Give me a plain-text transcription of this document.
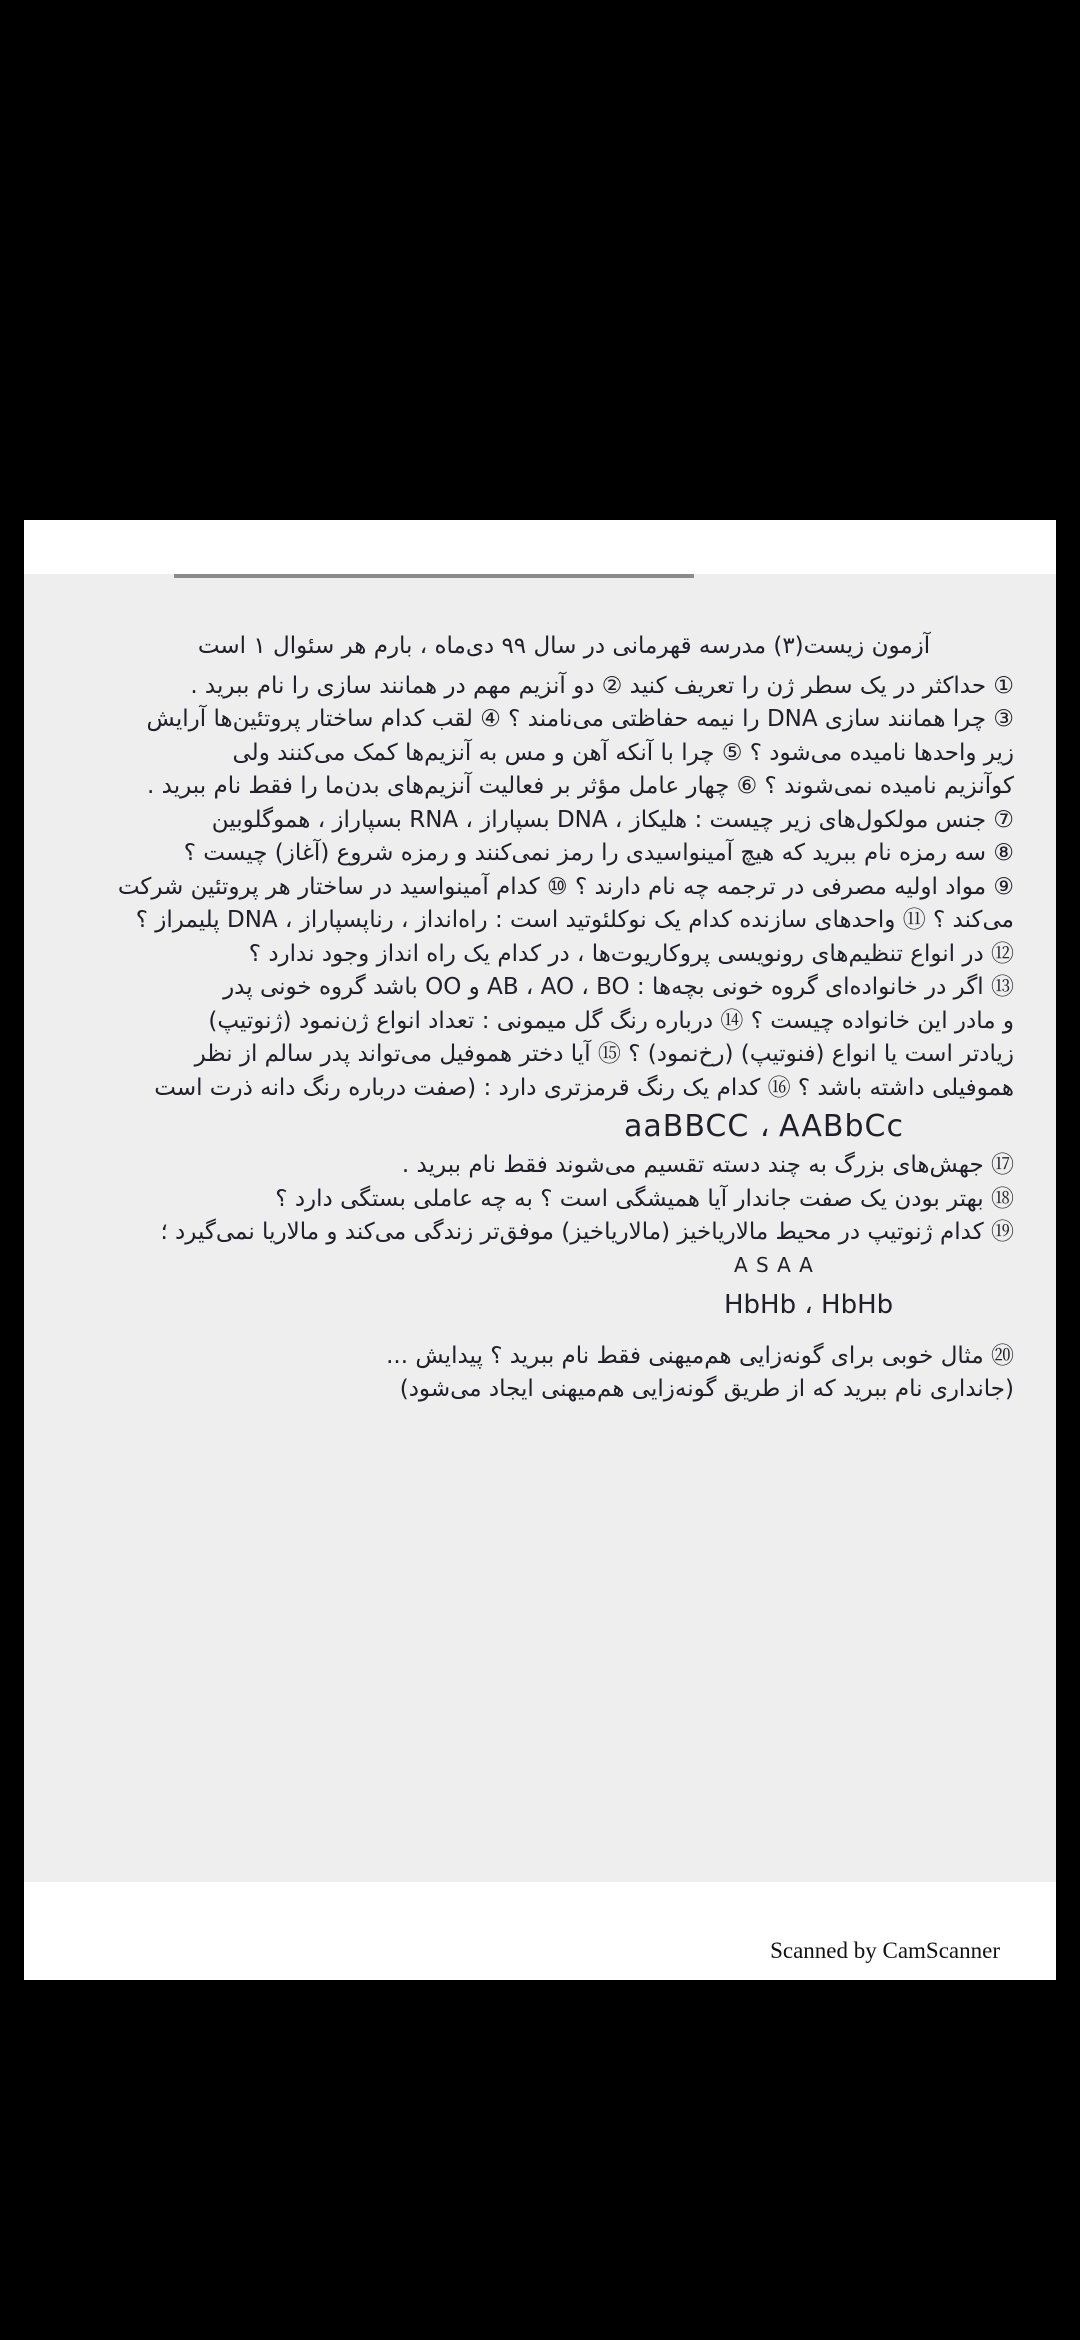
آزمون زیست(۳) مدرسه قهرمانی در سال ۹۹ دی‌ماه ، بارم هر سئوال ۱ است

① حداکثر در یک سطر ژن را تعریف کنید ② دو آنزیم مهم در همانند سازی را نام ببرید .

③ چرا همانند سازی DNA را نیمه حفاظتی می‌نامند ؟ ④ لقب کدام ساختار پروتئین‌ها آرایش

زیر واحدها نامیده می‌شود ؟ ⑤ چرا با آنکه آهن و مس به آنزیم‌ها کمک می‌کنند ولی

کوآنزیم نامیده نمی‌شوند ؟ ⑥ چهار عامل مؤثر بر فعالیت آنزیم‌های بدن‌ما را فقط نام ببرید .

⑦ جنس مولکول‌های زیر چیست : هلیکاز ، DNA بسپاراز ، RNA بسپاراز ، هموگلوبین

⑧ سه رمزه نام ببرید که هیچ آمینواسیدی را رمز نمی‌کنند و رمزه شروع (آغاز) چیست ؟

⑨ مواد اولیه مصرفی در ترجمه چه نام دارند ؟ ⑩ کدام آمینواسید در ساختار هر پروتئین شرکت

می‌کند ؟ ⑪ واحدهای سازنده کدام یک نوکلئوتید است : راه‌انداز ، رناپسپاراز ، DNA پلیمراز ؟

⑫ در انواع تنظیم‌های رونویسی پروکاریوت‌ها ، در کدام یک راه انداز وجود ندارد ؟

⑬ اگر در خانواده‌ای گروه خونی بچه‌ها : AB ، AO ، BO و OO باشد گروه خونی پدر

و مادر این خانواده چیست ؟ ⑭ درباره رنگ گل میمونی : تعداد انواع ژن‌نمود (ژنوتیپ)

زیادتر است یا انواع (فنوتیپ) (رخ‌نمود) ؟ ⑮ آیا دختر هموفیل می‌تواند پدر سالم از نظر

هموفیلی داشته باشد ؟ ⑯ کدام یک رنگ قرمزتری دارد : (صفت درباره رنگ دانه ذرت است

aaBBCC ، AABbCc

⑰ جهش‌های بزرگ به چند دسته تقسیم می‌شوند فقط نام ببرید .

⑱ بهتر بودن یک صفت جاندار آیا همیشگی است ؟ به چه عاملی بستگی دارد ؟

⑲ کدام ژنوتیپ در محیط مالاریاخیز (مالاریاخیز) موفق‌تر زندگی می‌کند و مالاریا نمی‌گیرد ؛

A S A A

HbHb ، HbHb

⑳ مثال خوبی برای گونه‌زایی هم‌میهنی فقط نام ببرید ؟ پیدایش ...

(جانداری نام ببرید که از طریق گونه‌زایی هم‌میهنی ایجاد می‌شود)

Scanned by CamScanner
